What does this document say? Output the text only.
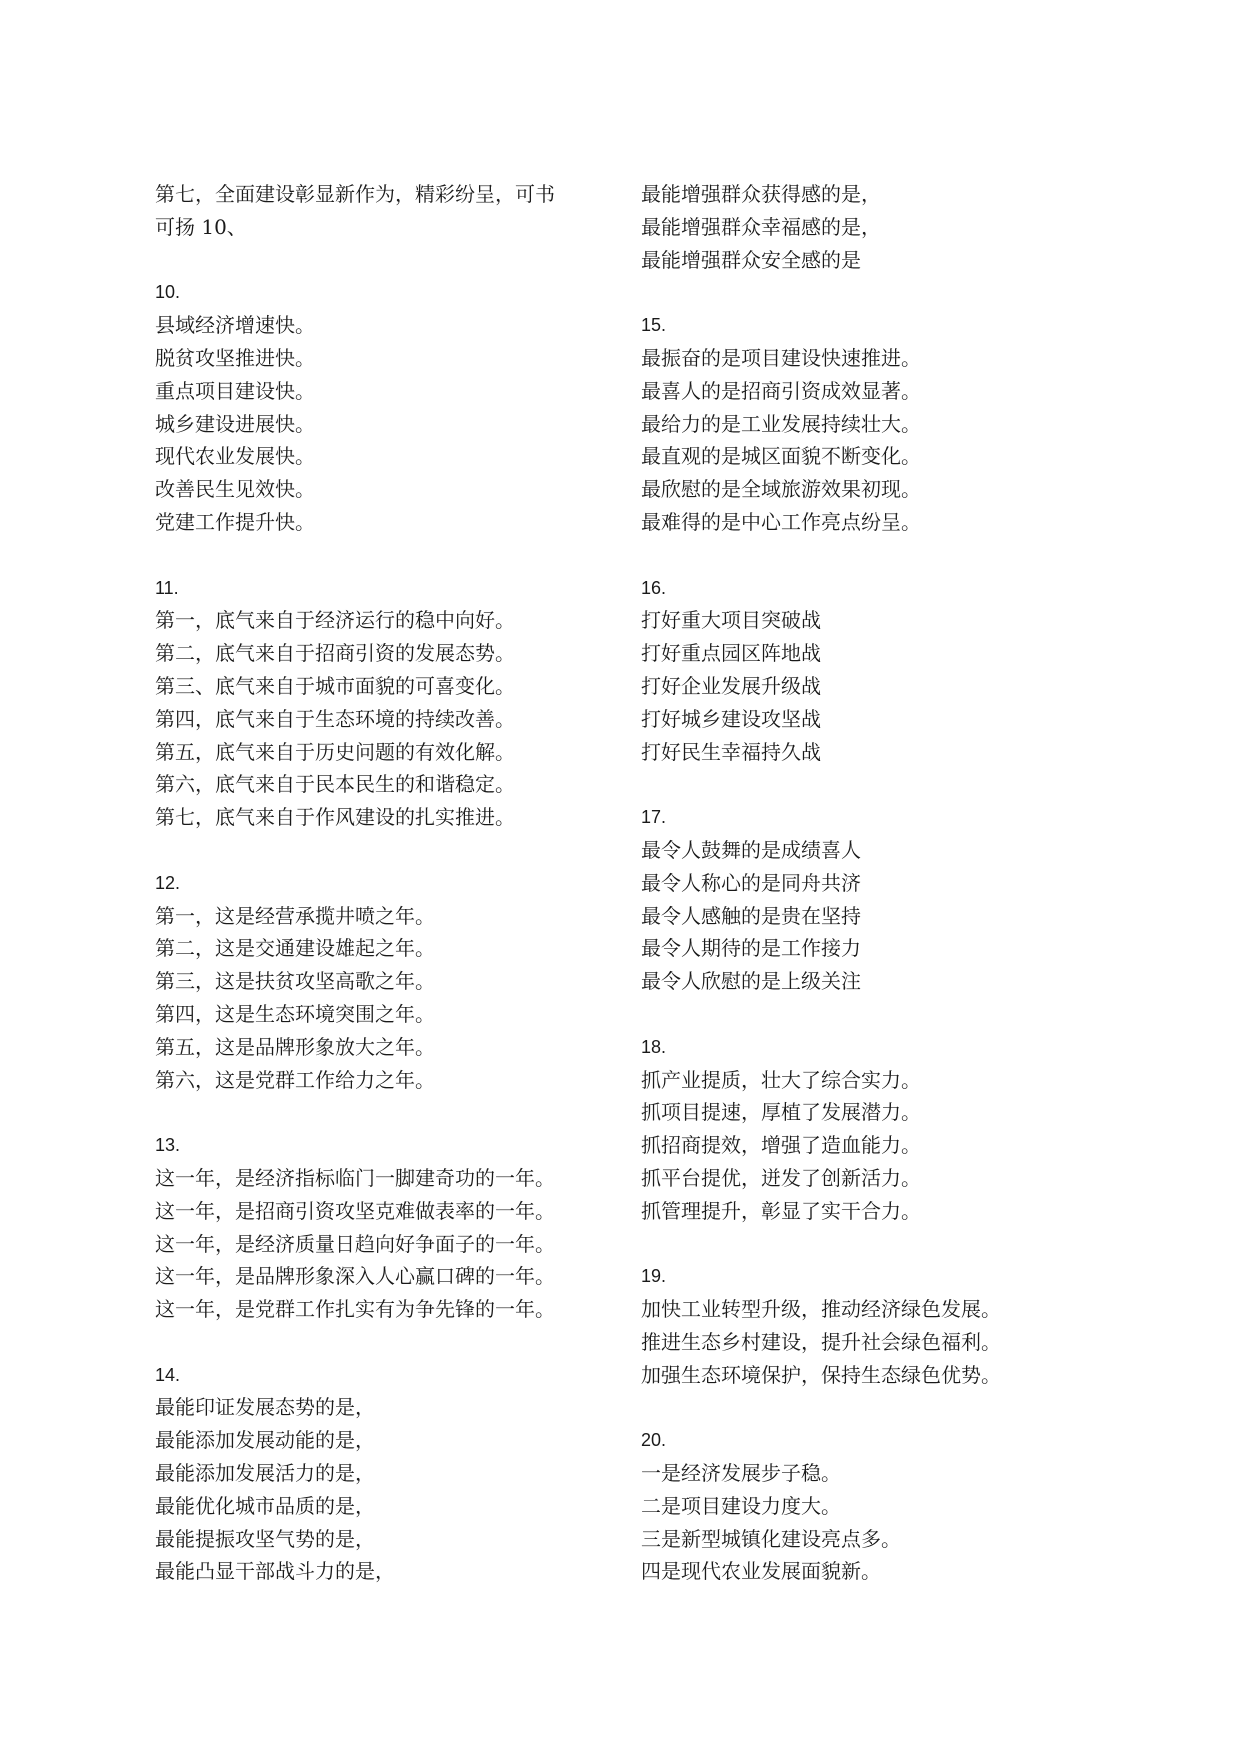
第七，全面建设彰显新作为，精彩纷呈，可书
可扬 10、
10.
县域经济增速快。
脱贫攻坚推进快。
重点项目建设快。
城乡建设进展快。
现代农业发展快。
改善民生见效快。
党建工作提升快。
11.
第一，底气来自于经济运行的稳中向好。
第二，底气来自于招商引资的发展态势。
第三、底气来自于城市面貌的可喜变化。
第四，底气来自于生态环境的持续改善。
第五，底气来自于历史问题的有效化解。
第六，底气来自于民本民生的和谐稳定。
第七，底气来自于作风建设的扎实推进。
12.
第一，这是经营承揽井喷之年。
第二，这是交通建设雄起之年。
第三，这是扶贫攻坚高歌之年。
第四，这是生态环境突围之年。
第五，这是品牌形象放大之年。
第六，这是党群工作给力之年。
13.
这一年，是经济指标临门一脚建奇功的一年。
这一年，是招商引资攻坚克难做表率的一年。
这一年，是经济质量日趋向好争面子的一年。
这一年，是品牌形象深入人心赢口碑的一年。
这一年，是党群工作扎实有为争先锋的一年。
14.
最能印证发展态势的是，
最能添加发展动能的是，
最能添加发展活力的是，
最能优化城市品质的是，
最能提振攻坚气势的是，
最能凸显干部战斗力的是，
最能增强群众获得感的是，
最能增强群众幸福感的是，
最能增强群众安全感的是
15.
最振奋的是项目建设快速推进。
最喜人的是招商引资成效显著。
最给力的是工业发展持续壮大。
最直观的是城区面貌不断变化。
最欣慰的是全域旅游效果初现。
最难得的是中心工作亮点纷呈。
16.
打好重大项目突破战
打好重点园区阵地战
打好企业发展升级战
打好城乡建设攻坚战
打好民生幸福持久战
17.
最令人鼓舞的是成绩喜人
最令人称心的是同舟共济
最令人感触的是贵在坚持
最令人期待的是工作接力
最令人欣慰的是上级关注
18.
抓产业提质，壮大了综合实力。
抓项目提速，厚植了发展潜力。
抓招商提效，增强了造血能力。
抓平台提优，迸发了创新活力。
抓管理提升，彰显了实干合力。
19.
加快工业转型升级，推动经济绿色发展。
推进生态乡村建设，提升社会绿色福利。
加强生态环境保护，保持生态绿色优势。
20.
一是经济发展步子稳。
二是项目建设力度大。
三是新型城镇化建设亮点多。
四是现代农业发展面貌新。
